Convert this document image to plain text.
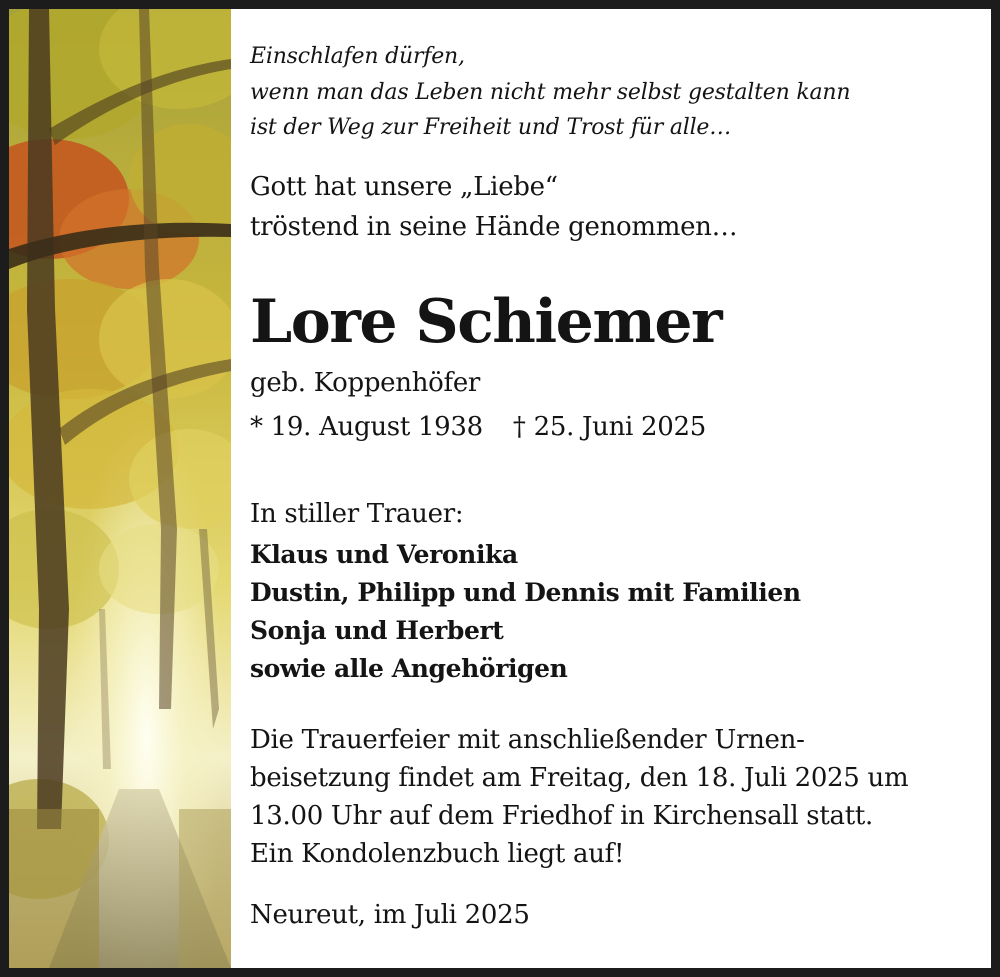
Einschlafen dürfen,
wenn man das Leben nicht mehr selbst gestalten kann
ist der Weg zur Freiheit und Trost für alle…
Gott hat unsere „Liebe“
tröstend in seine Hände genommen…
Lore Schiemer
geb. Koppenhöfer
* 19. August 1938 † 25. Juni 2025
In stiller Trauer:
Klaus und Veronika
Dustin, Philipp und Dennis mit Familien
Sonja und Herbert
sowie alle Angehörigen
Die Trauerfeier mit anschließender Urnen-
beisetzung findet am Freitag, den 18. Juli 2025 um
13.00 Uhr auf dem Friedhof in Kirchensall statt.
Ein Kondolenzbuch liegt auf!
Neureut, im Juli 2025
